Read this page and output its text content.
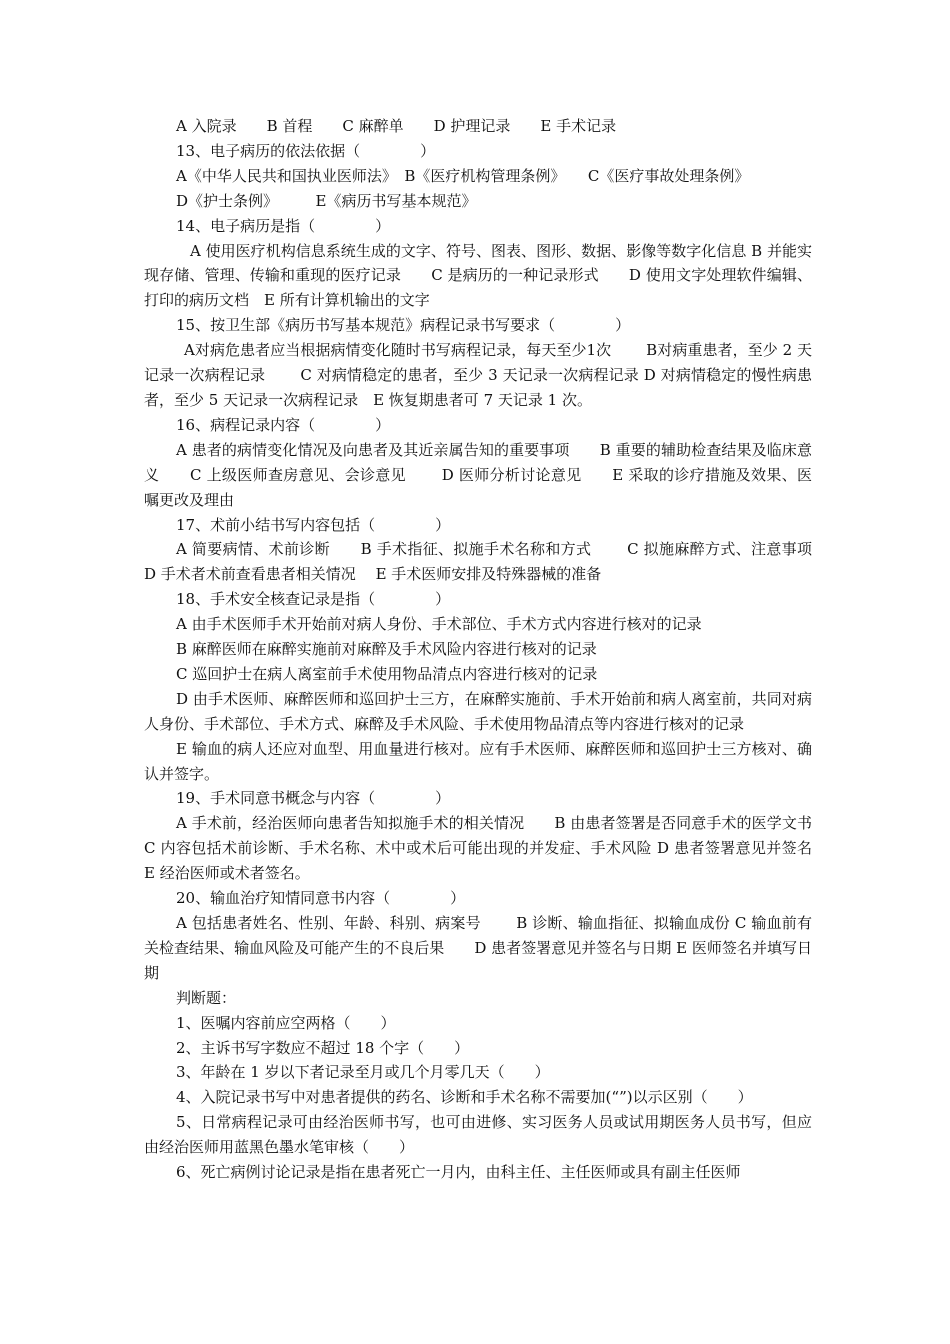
A 入院录　　B 首程　　C 麻醉单　　D 护理记录　　E 手术记录

13、电子病历的依法依据（　　　　）

A《中华人民共和国执业医师法》　B《医疗机构管理条例》　　C《医疗事故处理条例》

D《护士条例》　　　E《病历书写基本规范》

14、电子病历是指（　　　　）

A 使用医疗机构信息系统生成的文字、符号、图表、图形、数据、影像等数字化信息 B 并能实现存储、管理、传输和重现的医疗记录　　C 是病历的一种记录形式　　D 使用文字处理软件编辑、打印的病历文档　E 所有计算机输出的文字

15、按卫生部《病历书写基本规范》病程记录书写要求（　　　　）

A对病危患者应当根据病情变化随时书写病程记录，每天至少1次　　 B对病重患者，至少 2 天记录一次病程记录　　 C 对病情稳定的患者，至少 3 天记录一次病程记录 D 对病情稳定的慢性病患者，至少 5 天记录一次病程记录　E 恢复期患者可 7 天记录 1 次。

16、病程记录内容（　　　　）

A 患者的病情变化情况及向患者及其近亲属告知的重要事项　　B 重要的辅助检查结果及临床意义　　C 上级医师查房意见、会诊意见　　 D 医师分析讨论意见　　E 采取的诊疗措施及效果、医嘱更改及理由

17、术前小结书写内容包括（　　　　）

A 简要病情、术前诊断　　B 手术指征、拟施手术名称和方式　　 C 拟施麻醉方式、注意事项　　D 手术者术前查看患者相关情况　 E 手术医师安排及特殊器械的准备

18、手术安全核查记录是指（　　　　）

A 由手术医师手术开始前对病人身份、手术部位、手术方式内容进行核对的记录

B 麻醉医师在麻醉实施前对麻醉及手术风险内容进行核对的记录

C 巡回护士在病人离室前手术使用物品清点内容进行核对的记录

D 由手术医师、麻醉医师和巡回护士三方，在麻醉实施前、手术开始前和病人离室前，共同对病人身份、手术部位、手术方式、麻醉及手术风险、手术使用物品清点等内容进行核对的记录

E 输血的病人还应对血型、用血量进行核对。应有手术医师、麻醉医师和巡回护士三方核对、确认并签字。

19、手术同意书概念与内容（　　　　）

A 手术前，经治医师向患者告知拟施手术的相关情况　　B 由患者签署是否同意手术的医学文书　　 C 内容包括术前诊断、手术名称、术中或术后可能出现的并发症、手术风险 D 患者签署意见并签名　　 E 经治医师或术者签名。

20、输血治疗知情同意书内容（　　　　）

A 包括患者姓名、性别、年龄、科别、病案号　　 B 诊断、输血指征、拟输血成份 C 输血前有关检查结果、输血风险及可能产生的不良后果　　D 患者签署意见并签名与日期 E 医师签名并填写日期

判断题：

1、医嘱内容前应空两格（　　）

2、主诉书写字数应不超过 18 个字（　　）

3、年龄在 1 岁以下者记录至月或几个月零几天（　　）

4、入院记录书写中对患者提供的药名、诊断和手术名称不需要加(“”)以示区别（　　）

5、日常病程记录可由经治医师书写，也可由进修、实习医务人员或试用期医务人员书写，但应由经治医师用蓝黑色墨水笔审核（　　）

6、死亡病例讨论记录是指在患者死亡一月内，由科主任、主任医师或具有副主任医师
